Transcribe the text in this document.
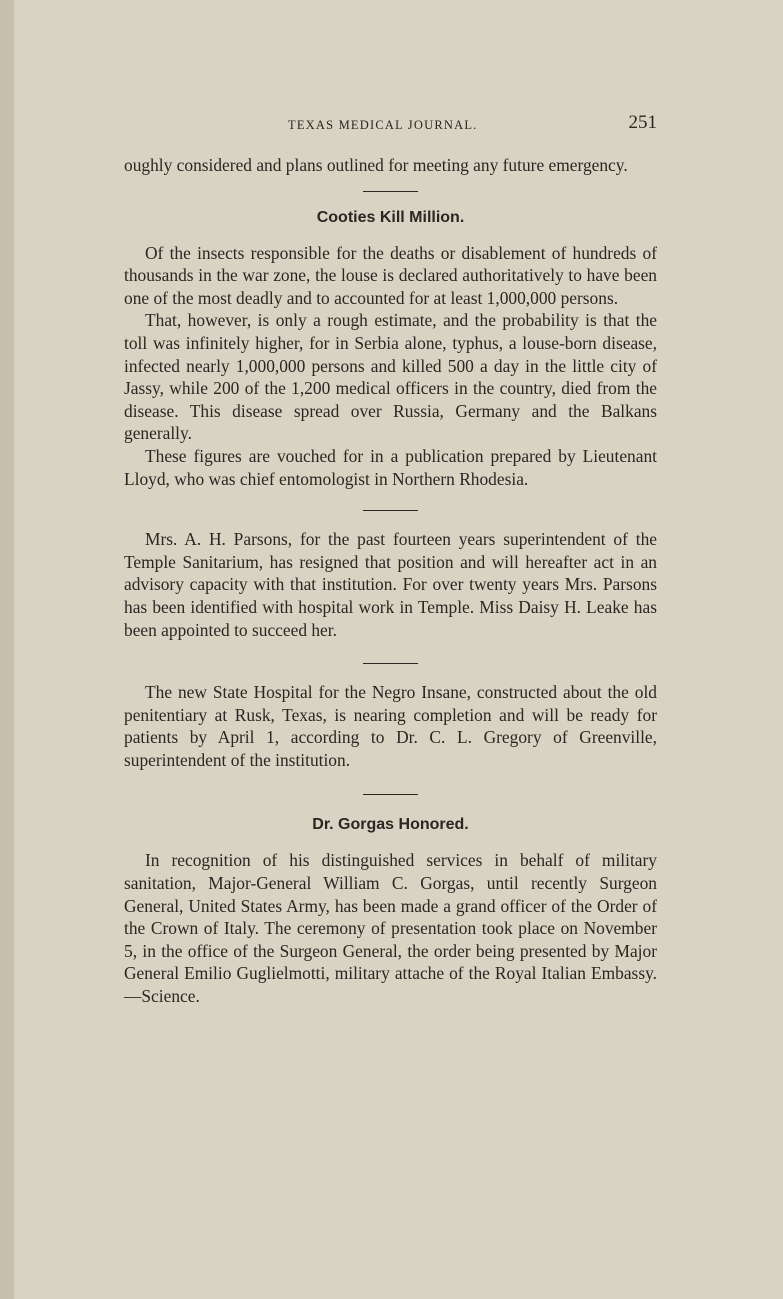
TEXAS MEDICAL JOURNAL.	251

oughly considered and plans outlined for meeting any future emergency.

Cooties Kill Million.

Of the insects responsible for the deaths or disablement of hundreds of thousands in the war zone, the louse is declared authoritatively to have been one of the most deadly and to accounted for at least 1,000,000 persons.

That, however, is only a rough estimate, and the probability is that the toll was infinitely higher, for in Serbia alone, typhus, a louse-born disease, infected nearly 1,000,000 persons and killed 500 a day in the little city of Jassy, while 200 of the 1,200 medical officers in the country, died from the disease. This disease spread over Russia, Germany and the Balkans generally.

These figures are vouched for in a publication prepared by Lieutenant Lloyd, who was chief entomologist in Northern Rhodesia.

Mrs. A. H. Parsons, for the past fourteen years superintendent of the Temple Sanitarium, has resigned that position and will hereafter act in an advisory capacity with that institution. For over twenty years Mrs. Parsons has been identified with hospital work in Temple. Miss Daisy H. Leake has been appointed to succeed her.

The new State Hospital for the Negro Insane, constructed about the old penitentiary at Rusk, Texas, is nearing completion and will be ready for patients by April 1, according to Dr. C. L. Gregory of Greenville, superintendent of the institution.

Dr. Gorgas Honored.

In recognition of his distinguished services in behalf of military sanitation, Major-General William C. Gorgas, until recently Surgeon General, United States Army, has been made a grand officer of the Order of the Crown of Italy. The ceremony of presentation took place on November 5, in the office of the Surgeon General, the order being presented by Major General Emilio Guglielmotti, military attache of the Royal Italian Embassy.—Science.
